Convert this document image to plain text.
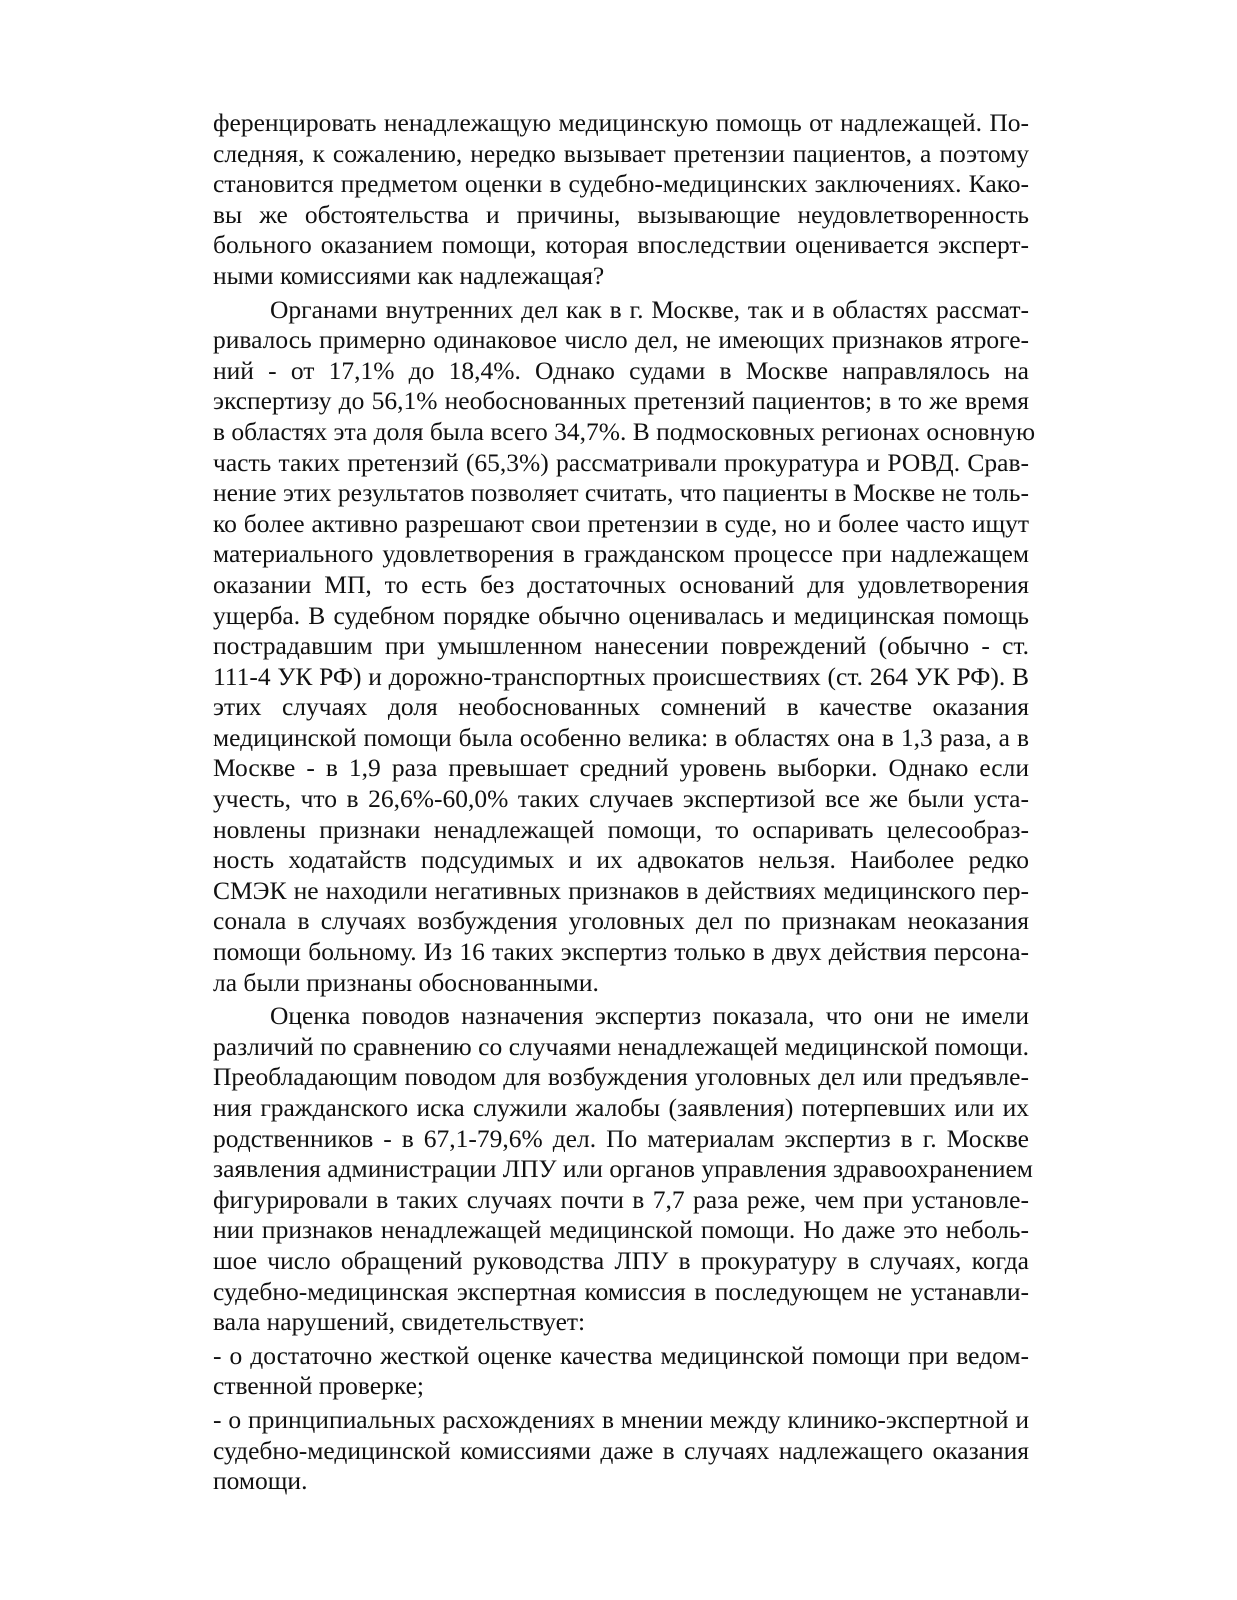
ференцировать ненадлежащую медицинскую помощь от надлежащей. По-
следняя, к сожалению, нередко вызывает претензии пациентов, а поэтому
становится предметом оценки в судебно-медицинских заключениях. Како-
вы же обстоятельства и причины, вызывающие неудовлетворенность
больного оказанием помощи, которая впоследствии оценивается эксперт-
ными комиссиями как надлежащая?
Органами внутренних дел как в г. Москве, так и в областях рассмат-
ривалось примерно одинаковое число дел, не имеющих признаков ятроге-
ний - от 17,1% до 18,4%. Однако судами в Москве направлялось на
экспертизу до 56,1% необоснованных претензий пациентов; в то же время
в областях эта доля была всего 34,7%. В подмосковных регионах основную
часть таких претензий (65,3%) рассматривали прокуратура и РОВД. Срав-
нение этих результатов позволяет считать, что пациенты в Москве не толь-
ко более активно разрешают свои претензии в суде, но и более часто ищут
материального удовлетворения в гражданском процессе при надлежащем
оказании МП, то есть без достаточных оснований для удовлетворения
ущерба. В судебном порядке обычно оценивалась и медицинская помощь
пострадавшим при умышленном нанесении повреждений (обычно - ст.
111-4 УК РФ) и дорожно-транспортных происшествиях (ст. 264 УК РФ). В
этих случаях доля необоснованных сомнений в качестве оказания
медицинской помощи была особенно велика: в областях она в 1,3 раза, а в
Москве - в 1,9 раза превышает средний уровень выборки. Однако если
учесть, что в 26,6%-60,0% таких случаев экспертизой все же были уста-
новлены признаки ненадлежащей помощи, то оспаривать целесообраз-
ность ходатайств подсудимых и их адвокатов нельзя. Наиболее редко
СМЭК не находили негативных признаков в действиях медицинского пер-
сонала в случаях возбуждения уголовных дел по признакам неоказания
помощи больному. Из 16 таких экспертиз только в двух действия персона-
ла были признаны обоснованными.
Оценка поводов назначения экспертиз показала, что они не имели
различий по сравнению со случаями ненадлежащей медицинской помощи.
Преобладающим поводом для возбуждения уголовных дел или предъявле-
ния гражданского иска служили жалобы (заявления) потерпевших или их
родственников - в 67,1-79,6% дел. По материалам экспертиз в г. Москве
заявления администрации ЛПУ или органов управления здравоохранением
фигурировали в таких случаях почти в 7,7 раза реже, чем при установле-
нии признаков ненадлежащей медицинской помощи. Но даже это неболь-
шое число обращений руководства ЛПУ в прокуратуру в случаях, когда
судебно-медицинская экспертная комиссия в последующем не устанавли-
вала нарушений, свидетельствует:
- о достаточно жесткой оценке качества медицинской помощи при ведом-
ственной проверке;
- о принципиальных расхождениях в мнении между клинико-экспертной и
судебно-медицинской комиссиями даже в случаях надлежащего оказания
помощи.
